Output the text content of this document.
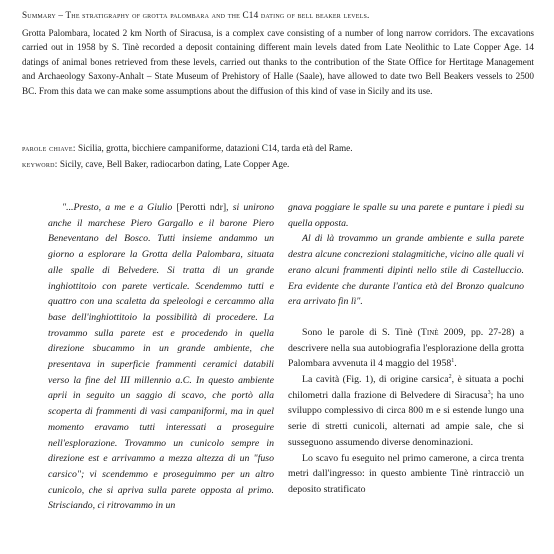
Summary – The stratigraphy of grotta palombara and the C14 dating of bell beaker levels.

Grotta Palombara, located 2 km North of Siracusa, is a complex cave consisting of a number of long narrow corridors. The excavations carried out in 1958 by S. Tinè recorded a deposit containing different main levels dated from Late Neolithic to Late Copper Age. 14 datings of animal bones retrieved from these levels, carried out thanks to the contribution of the State Office for Hertitage Management and Archaeology Saxony-Anhalt – State Museum of Prehistory of Halle (Saale), have allowed to date two Bell Beakers vessels to 2500 BC. From this data we can make some assumptions about the diffusion of this kind of vase in Sicily and its use.

parole chiave: Sicilia, grotta, bicchiere campaniforme, datazioni C14, tarda età del Rame.

keyword: Sicily, cave, Bell Baker, radiocarbon dating, Late Copper Age.

"...Presto, a me e a Giulio [Perotti ndr], si unirono anche il marchese Piero Gargallo e il barone Piero Beneventano del Bosco. Tutti insieme andammo un giorno a esplorare la Grotta della Palombara, situata alle spalle di Belvedere. Si tratta di un grande inghiottitoio con parete verticale. Scendemmo tutti e quattro con una scaletta da speleologi e cercammo alla base dell'inghiottitoio la possibilità di procedere. La trovammo sulla parete est e procedendo in quella direzione sbucammo in un grande ambiente, che presentava in superficie frammenti ceramici databili verso la fine del III millennio a.C. In questo ambiente aprii in seguito un saggio di scavo, che portò alla scoperta di frammenti di vasi campaniformi, ma in quel momento eravamo tutti interessati a proseguire nell'esplorazione. Trovammo un cunicolo sempre in direzione est e arrivammo a mezza altezza di un "fuso carsico"; vi scendemmo e proseguimmo per un altro cunicolo, che si apriva sulla parete opposta al primo. Strisciando, ci ritrovammo in un

gnava poggiare le spalle su una parete e puntare i piedi su quella opposta.

Al di là trovammo un grande ambiente e sulla parete destra alcune concrezioni stalagmitiche, vicino alle quali vi erano alcuni frammenti dipinti nello stile di Castelluccio. Era evidente che durante l'antica età del Bronzo qualcuno era arrivato fin lì".

Sono le parole di S. Tinè (Tinè 2009, pp. 27-28) a descrivere nella sua autobiografia l'esplorazione della grotta Palombara avvenuta il 4 maggio del 1958$^1$.

La cavità (Fig. 1), di origine carsica$^2$, è situata a pochi chilometri dalla frazione di Belvedere di Siracusa$^3$; ha uno sviluppo complessivo di circa 800 m e si estende lungo una serie di stretti cunicoli, alternati ad ampie sale, che si susseguono assumendo diverse denominazioni.

Lo scavo fu eseguito nel primo camerone, a circa trenta metri dall'ingresso: in questo ambiente Tinè rintracciò un deposito stratificato
